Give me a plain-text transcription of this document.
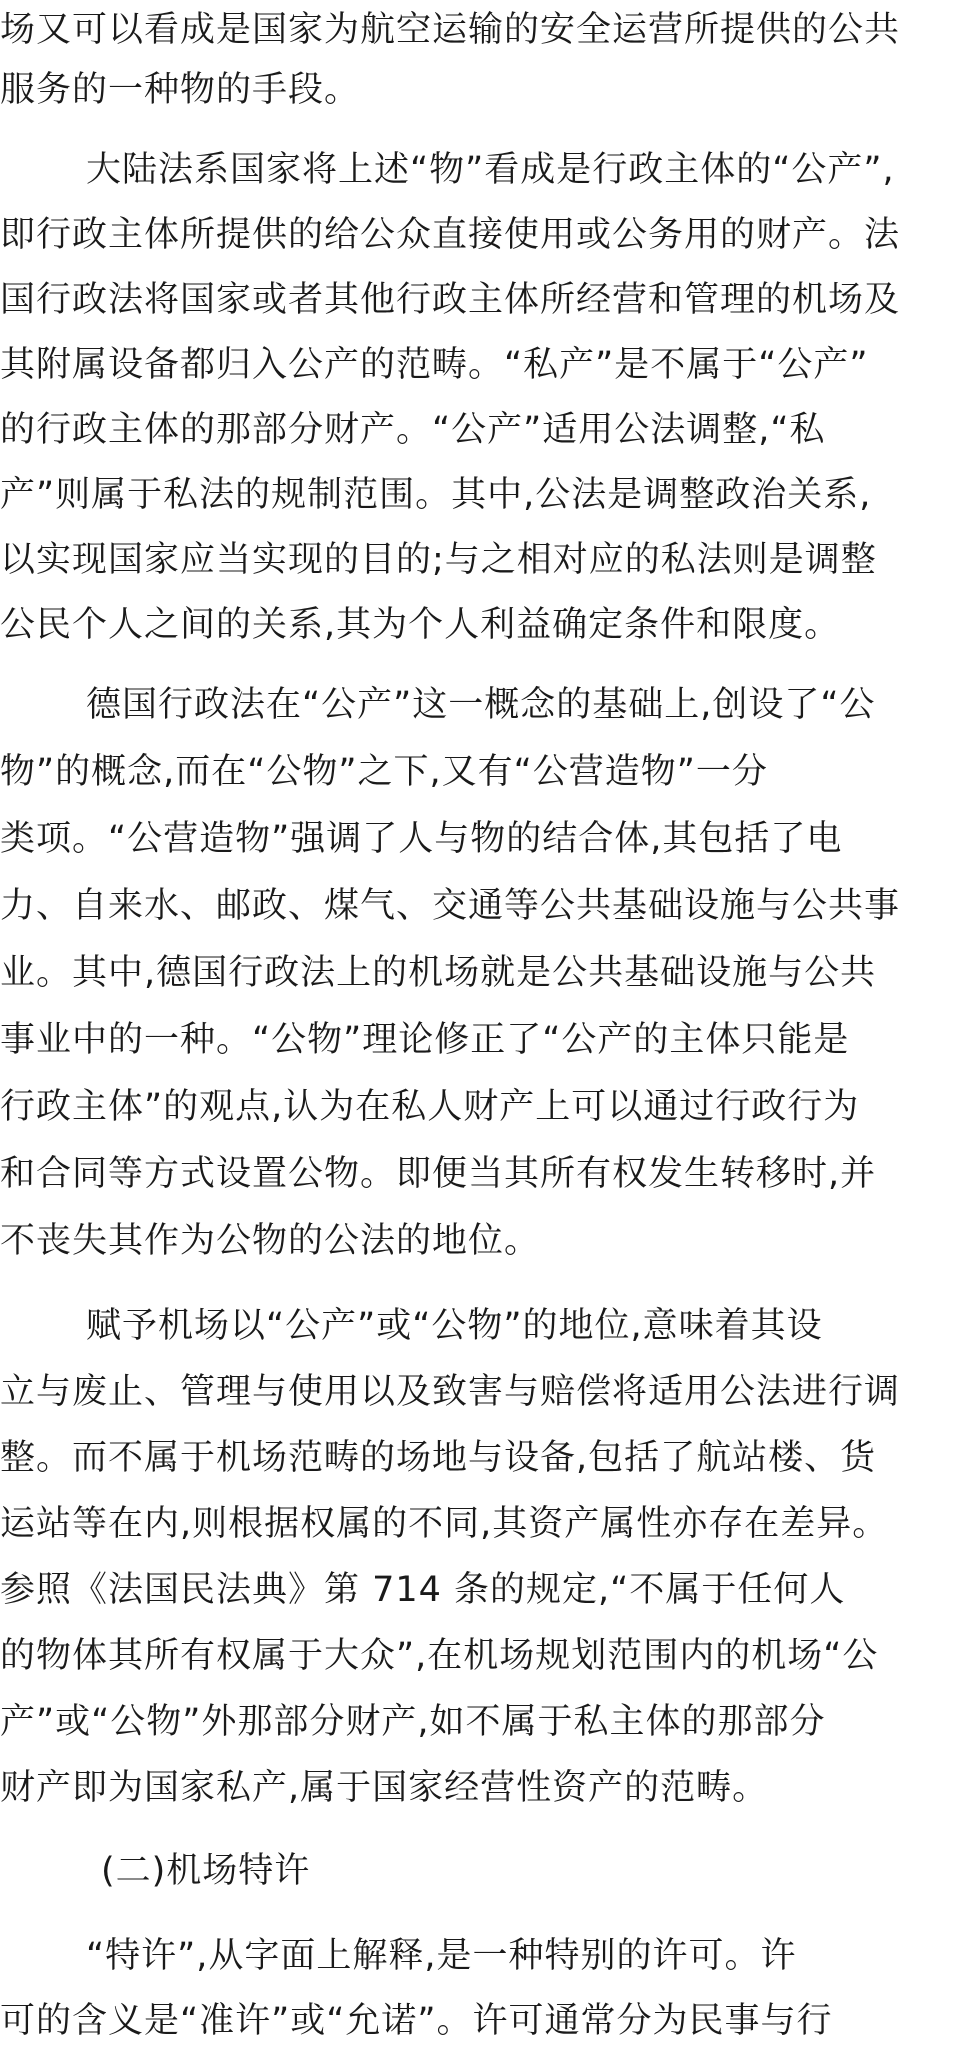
场又可以看成是国家为航空运输的安全运营所提供的公共
服务的一种物的手段。
大陆法系国家将上述“物”看成是行政主体的“公产”,
即行政主体所提供的给公众直接使用或公务用的财产。法
国行政法将国家或者其他行政主体所经营和管理的机场及
其附属设备都归入公产的范畴。“私产”是不属于“公产”
的行政主体的那部分财产。“公产”适用公法调整,“私
产”则属于私法的规制范围。其中,公法是调整政治关系,
以实现国家应当实现的目的;与之相对应的私法则是调整
公民个人之间的关系,其为个人利益确定条件和限度。
德国行政法在“公产”这一概念的基础上,创设了“公
物”的概念,而在“公物”之下,又有“公营造物”一分
类项。“公营造物”强调了人与物的结合体,其包括了电
力、自来水、邮政、煤气、交通等公共基础设施与公共事
业。其中,德国行政法上的机场就是公共基础设施与公共
事业中的一种。“公物”理论修正了“公产的主体只能是
行政主体”的观点,认为在私人财产上可以通过行政行为
和合同等方式设置公物。即便当其所有权发生转移时,并
不丧失其作为公物的公法的地位。
赋予机场以“公产”或“公物”的地位,意味着其设
立与废止、管理与使用以及致害与赔偿将适用公法进行调
整。而不属于机场范畴的场地与设备,包括了航站楼、货
运站等在内,则根据权属的不同,其资产属性亦存在差异。
参照《法国民法典》第 714 条的规定,“不属于任何人
的物体其所有权属于大众”,在机场规划范围内的机场“公
产”或“公物”外那部分财产,如不属于私主体的那部分
财产即为国家私产,属于国家经营性资产的范畴。
(二)机场特许
“特许”,从字面上解释,是一种特别的许可。许
可的含义是“准许”或“允诺”。许可通常分为民事与行
